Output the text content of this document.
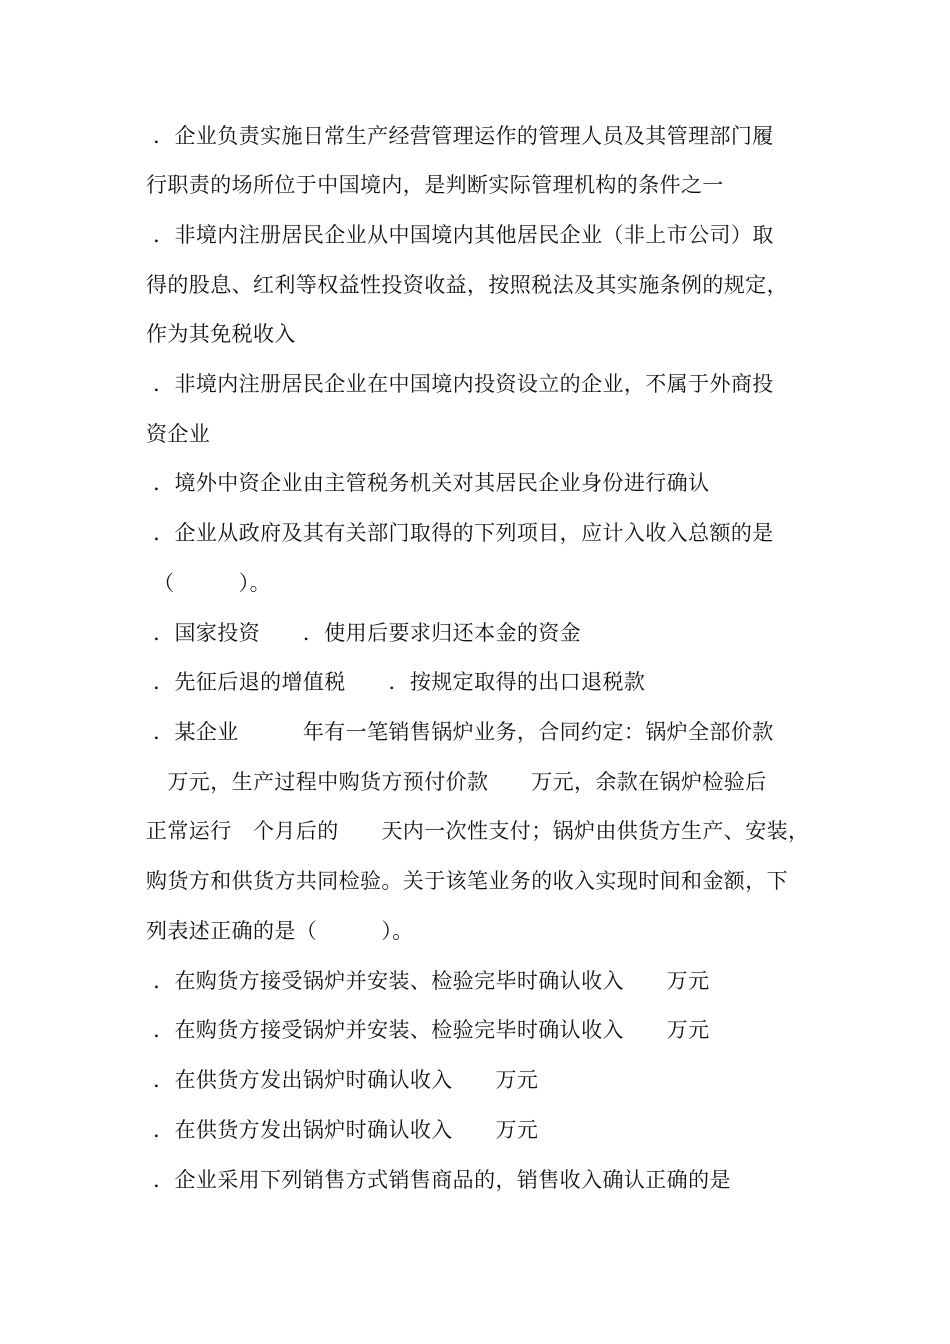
．企业负责实施日常生产经营管理运作的管理人员及其管理部门履
行职责的场所位于中国境内，是判断实际管理机构的条件之一
．非境内注册居民企业从中国境内其他居民企业（非上市公司）取
得的股息、红利等权益性投资收益，按照税法及其实施条例的规定，
作为其免税收入
．非境内注册居民企业在中国境内投资设立的企业，不属于外商投
资企业
．境外中资企业由主管税务机关对其居民企业身份进行确认
．企业从政府及其有关部门取得的下列项目，应计入收入总额的是
（　　　）。
．国家投资　　．使用后要求归还本金的资金
．先征后退的增值税　　．按规定取得的出口退税款
．某企业　　　年有一笔销售锅炉业务，合同约定：锅炉全部价款
　万元，生产过程中购货方预付价款　　万元，余款在锅炉检验后
正常运行　个月后的　　天内一次性支付；锅炉由供货方生产、安装，
购货方和供货方共同检验。关于该笔业务的收入实现时间和金额，下
列表述正确的是（　　　）。
．在购货方接受锅炉并安装、检验完毕时确认收入　　万元
．在购货方接受锅炉并安装、检验完毕时确认收入　　万元
．在供货方发出锅炉时确认收入　　万元
．在供货方发出锅炉时确认收入　　万元
．企业采用下列销售方式销售商品的，销售收入确认正确的是
